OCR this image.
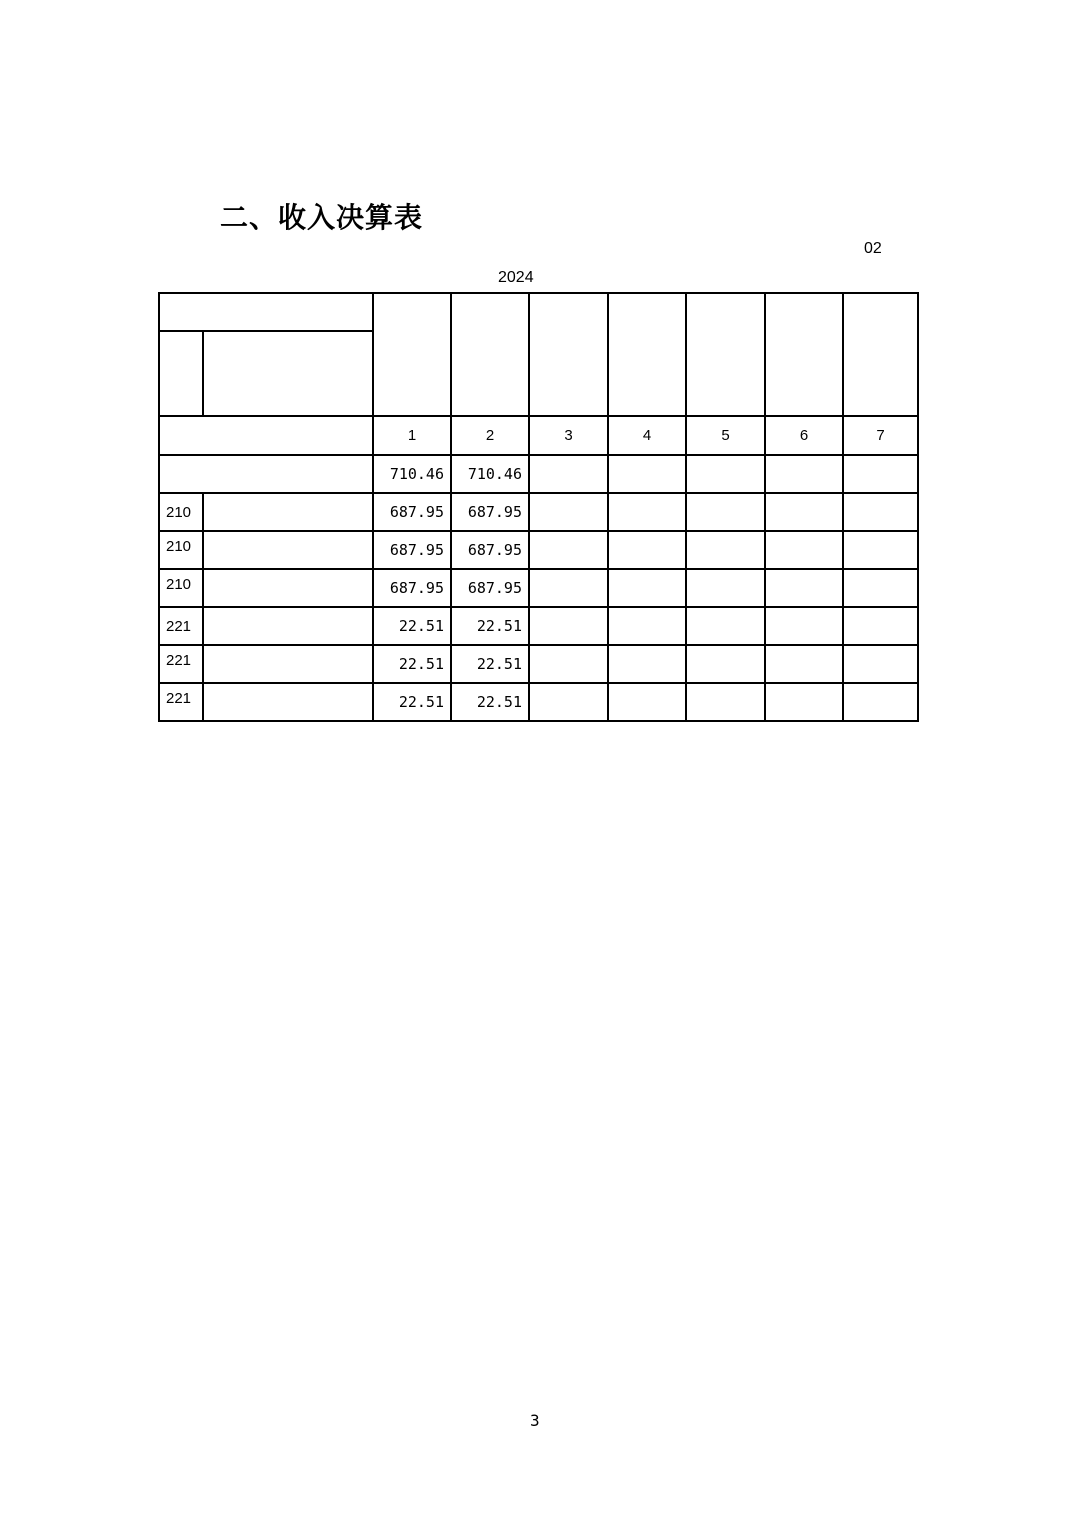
二、收入决算表
02
2024

		1	2	3	4	5	6	7
		710.46	710.46					
210		687.95	687.95					
210		687.95	687.95					
210		687.95	687.95					
221		22.51	22.51					
221		22.51	22.51					
221		22.51	22.51					
3
